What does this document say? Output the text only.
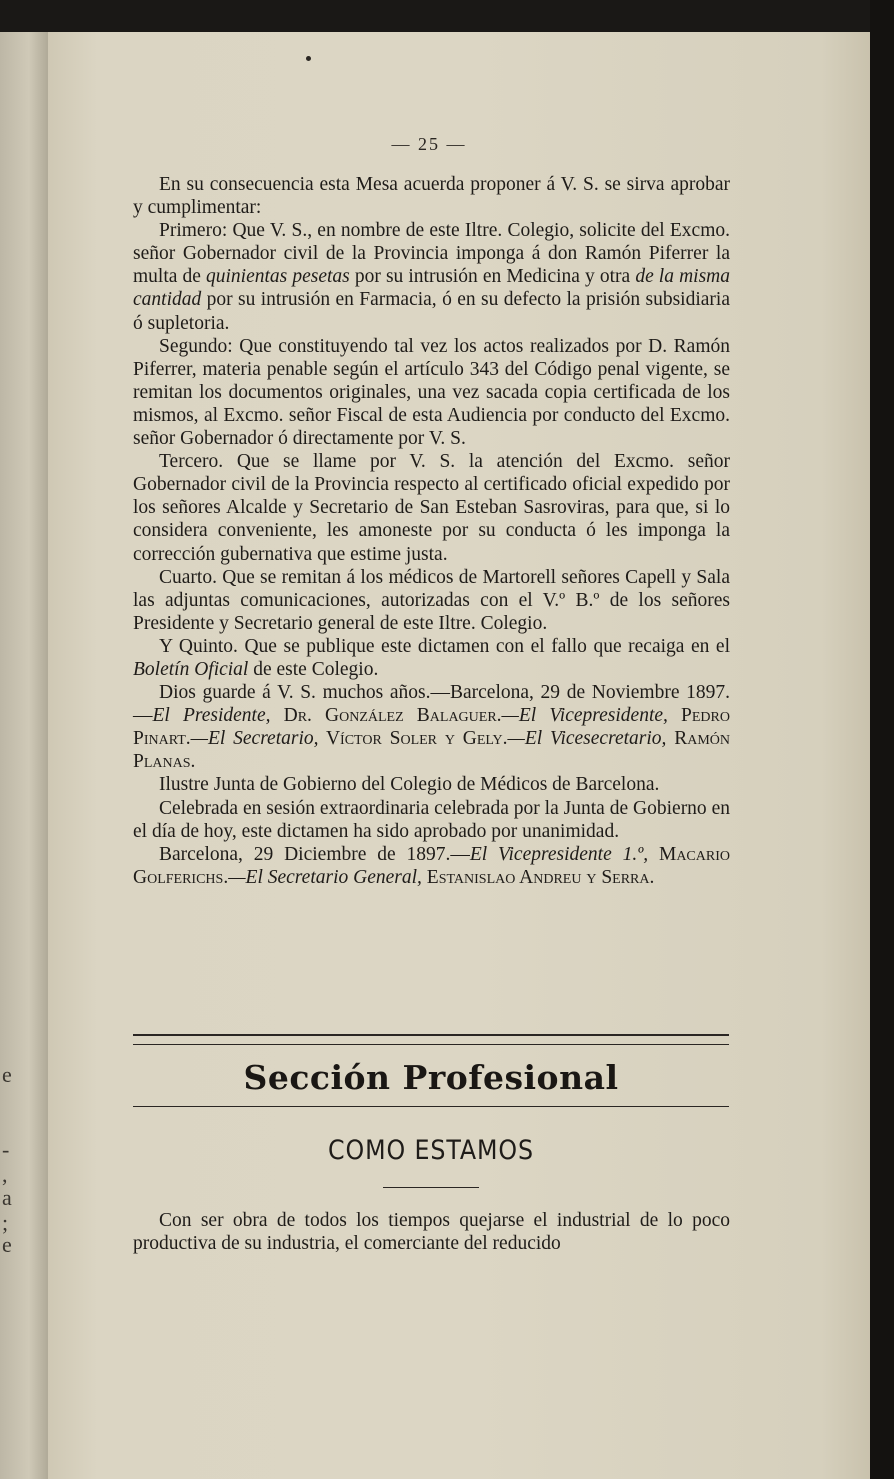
e
-
,
a
;
e
— 25 —

En su consecuencia esta Mesa acuerda proponer á V. S. se sirva aprobar y cumplimentar:

Primero: Que V. S., en nombre de este Iltre. Colegio, solicite del Excmo. señor Gobernador civil de la Provincia imponga á don Ramón Piferrer la multa de quinientas pesetas por su intrusión en Medicina y otra de la misma cantidad por su intrusión en Farmacia, ó en su defecto la prisión subsidiaria ó supletoria.

Segundo: Que constituyendo tal vez los actos realizados por D. Ramón Piferrer, materia penable según el artículo 343 del Código penal vigente, se remitan los documentos originales, una vez sacada copia certificada de los mismos, al Excmo. señor Fiscal de esta Audiencia por conducto del Excmo. señor Gobernador ó directamente por V. S.

Tercero. Que se llame por V. S. la atención del Excmo. señor Gobernador civil de la Provincia respecto al certificado oficial expedido por los señores Alcalde y Secretario de San Esteban Sasroviras, para que, si lo considera conveniente, les amoneste por su conducta ó les imponga la corrección gubernativa que estime justa.

Cuarto. Que se remitan á los médicos de Martorell señores Capell y Sala las adjuntas comunicaciones, autorizadas con el V.º B.º de los señores Presidente y Secretario general de este Iltre. Colegio.

Y Quinto. Que se publique este dictamen con el fallo que recaiga en el Boletín Oficial de este Colegio.

Dios guarde á V. S. muchos años.—Barcelona, 29 de Noviembre 1897.—El Presidente, Dr. González Balaguer.—El Vicepresidente, Pedro Pinart.—El Secretario, Víctor Soler y Gely.—El Vicesecretario, Ramón Planas.

Ilustre Junta de Gobierno del Colegio de Médicos de Barcelona.

Celebrada en sesión extraordinaria celebrada por la Junta de Gobierno en el día de hoy, este dictamen ha sido aprobado por unanimidad.

Barcelona, 29 Diciembre de 1897.—El Vicepresidente 1.º, Macario Golferichs.—El Secretario General, Estanislao Andreu y Serra.

Sección Profesional
COMO ESTAMOS

Con ser obra de todos los tiempos quejarse el industrial de lo poco productiva de su industria, el comerciante del reducido
